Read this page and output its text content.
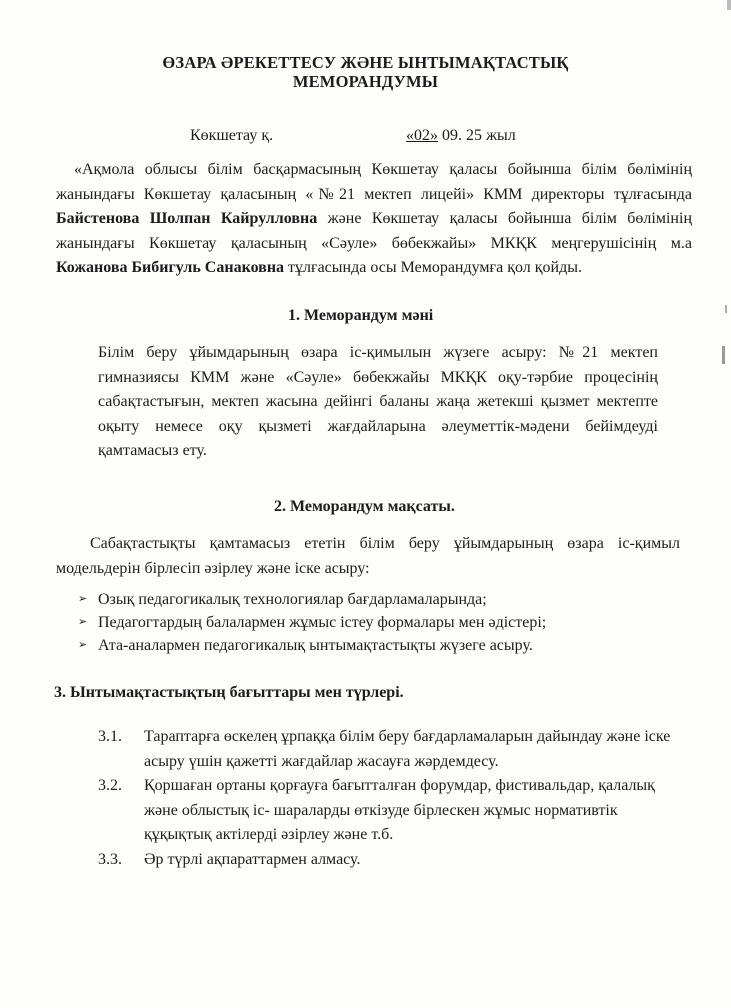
ӨЗАРА ӘРЕКЕТТЕСУ ЖӘНЕ ЫНТЫМАҚТАСТЫҚ
МЕМОРАНДУМЫ
Көкшетау қ.	«02» 09. 25 жыл
«Ақмола облысы білім басқармасының Көкшетау қаласы бойынша білім бөлімінің жанындағы Көкшетау қаласының «№21 мектеп лицейі» КММ директоры тұлғасында Байстенова Шолпан Кайрулловна және Көкшетау қаласы бойынша білім бөлімінің жанындағы Көкшетау қаласының «Сәуле» бөбекжайы» МКҚК меңгерушісінің м.а Кожанова Бибигуль Санаковна тұлғасында осы Меморандумға қол қойды.
1. Меморандум мәні
Білім беру ұйымдарының өзара іс-қимылын жүзеге асыру: №21 мектеп гимназиясы КММ және «Сәуле» бөбекжайы МКҚК оқу-тәрбие процесінің сабақтастығын, мектеп жасына дейінгі баланы жаңа жетекші қызмет мектепте оқыту немесе оқу қызметі жағдайларына әлеуметтік-мәдени бейімдеуді қамтамасыз ету.
2. Меморандум мақсаты.
Сабақтастықты қамтамасыз ететін білім беру ұйымдарының өзара іс-қимыл модельдерін бірлесіп әзірлеу және іске асыру:
➢ Озық педагогикалық технологиялар бағдарламаларында;
➢ Педагогтардың балалармен жұмыс істеу формалары мен әдістері;
➢ Ата-аналармен педагогикалық ынтымақтастықты жүзеге асыру.
3. Ынтымақтастықтың бағыттары мен түрлері.
3.1. Тараптарға өскелең ұрпаққа білім беру бағдарламаларын дайындау және іске асыру үшін қажетті жағдайлар жасауға жәрдемдесу.
3.2. Қоршаған ортаны қорғауға бағытталған форумдар, фистивальдар, қалалық және облыстық іс- шараларды өткізуде бірлескен жұмыс нормативтік құқықтық актілерді әзірлеу және т.б.
3.3. Әр түрлі ақпараттармен алмасу.
